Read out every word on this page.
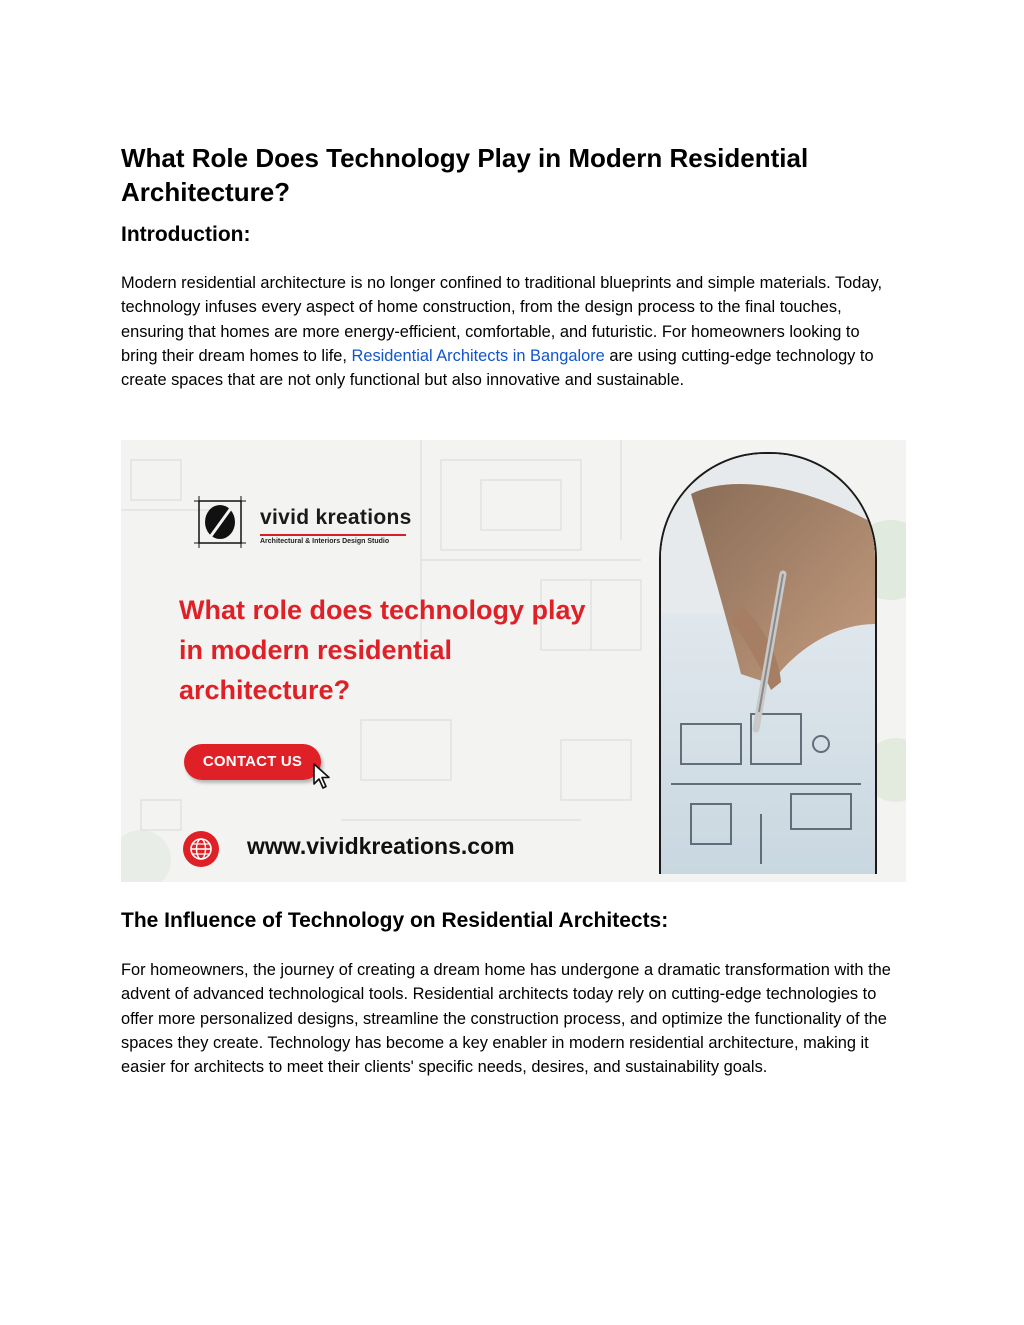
What Role Does Technology Play in Modern Residential Architecture?
Introduction:

Modern residential architecture is no longer confined to traditional blueprints and simple materials. Today, technology infuses every aspect of home construction, from the design process to the final touches, ensuring that homes are more energy-efficient, comfortable, and futuristic. For homeowners looking to bring their dream homes to life, Residential Architects in Bangalore are using cutting-edge technology to create spaces that are not only functional but also innovative and sustainable.

The Influence of Technology on Residential Architects:

For homeowners, the journey of creating a dream home has undergone a dramatic transformation with the advent of advanced technological tools. Residential architects today rely on cutting-edge technologies to offer more personalized designs, streamline the construction process, and optimize the functionality of the spaces they create. Technology has become a key enabler in modern residential architecture, making it easier for architects to meet their clients' specific needs, desires, and sustainability goals.

vivid kreations
Architectural & Interiors Design Studio
What role does technology play in modern residential architecture?
CONTACT US
www.vividkreations.com
